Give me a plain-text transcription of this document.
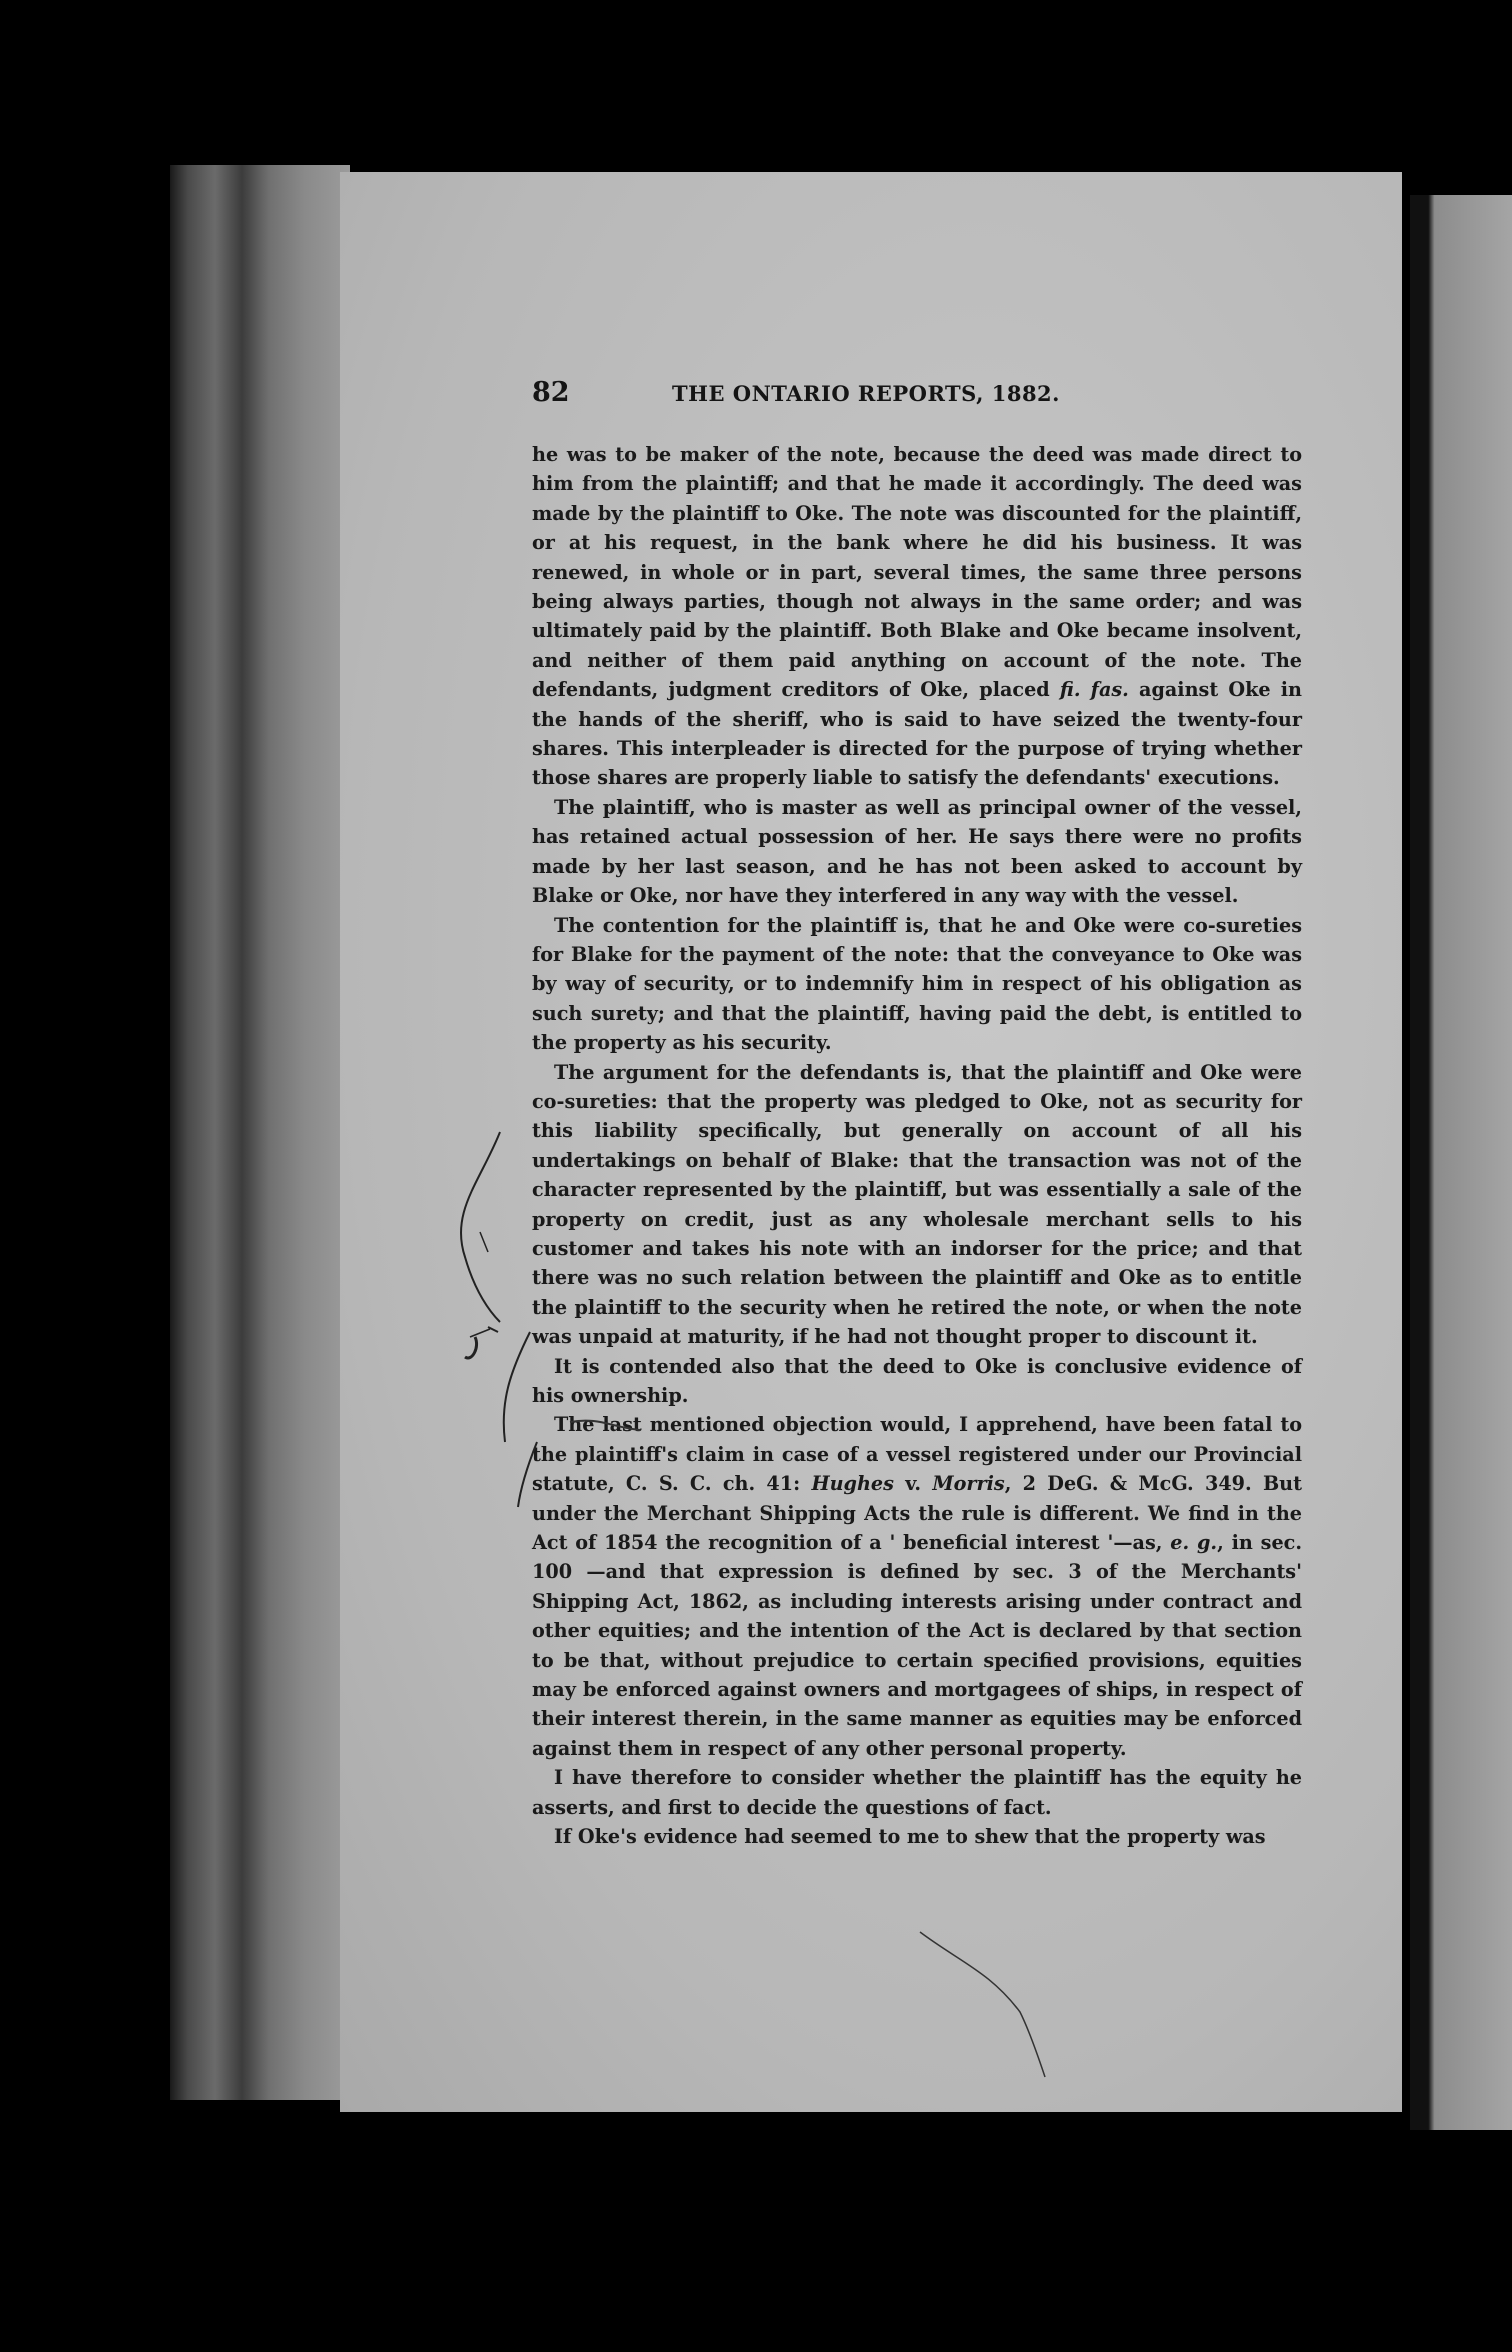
82	THE ONTARIO REPORTS, 1882.

he was to be maker of the note, because the deed was made direct to him from the plaintiff; and that he made it accordingly. The deed was made by the plaintiff to Oke. The note was discounted for the plaintiff, or at his request, in the bank where he did his business. It was renewed, in whole or in part, several times, the same three persons being always parties, though not always in the same order; and was ultimately paid by the plaintiff. Both Blake and Oke became insolvent, and neither of them paid anything on account of the note. The defendants, judgment creditors of Oke, placed fi. fas. against Oke in the hands of the sheriff, who is said to have seized the twenty-four shares. This interpleader is directed for the purpose of trying whether those shares are properly liable to satisfy the defendants' executions.

The plaintiff, who is master as well as principal owner of the vessel, has retained actual possession of her. He says there were no profits made by her last season, and he has not been asked to account by Blake or Oke, nor have they interfered in any way with the vessel.

The contention for the plaintiff is, that he and Oke were co-sureties for Blake for the payment of the note: that the conveyance to Oke was by way of security, or to indemnify him in respect of his obligation as such surety; and that the plaintiff, having paid the debt, is entitled to the property as his security.

The argument for the defendants is, that the plaintiff and Oke were co-sureties: that the property was pledged to Oke, not as security for this liability specifically, but generally on account of all his undertakings on behalf of Blake: that the transaction was not of the character represented by the plaintiff, but was essentially a sale of the property on credit, just as any wholesale merchant sells to his customer and takes his note with an indorser for the price; and that there was no such relation between the plaintiff and Oke as to entitle the plaintiff to the security when he retired the note, or when the note was unpaid at maturity, if he had not thought proper to discount it.

It is contended also that the deed to Oke is conclusive evidence of his ownership.

The last mentioned objection would, I apprehend, have been fatal to the plaintiff's claim in case of a vessel registered under our Provincial statute, C. S. C. ch. 41: Hughes v. Morris, 2 DeG. & McG. 349. But under the Merchant Shipping Acts the rule is different. We find in the Act of 1854 the recognition of a ' beneficial interest '—as, e. g., in sec. 100 —and that expression is defined by sec. 3 of the Merchants' Shipping Act, 1862, as including interests arising under contract and other equities; and the intention of the Act is declared by that section to be that, without prejudice to certain specified provisions, equities may be enforced against owners and mortgagees of ships, in respect of their interest therein, in the same manner as equities may be enforced against them in respect of any other personal property.

I have therefore to consider whether the plaintiff has the equity he asserts, and first to decide the questions of fact.

If Oke's evidence had seemed to me to shew that the property was
